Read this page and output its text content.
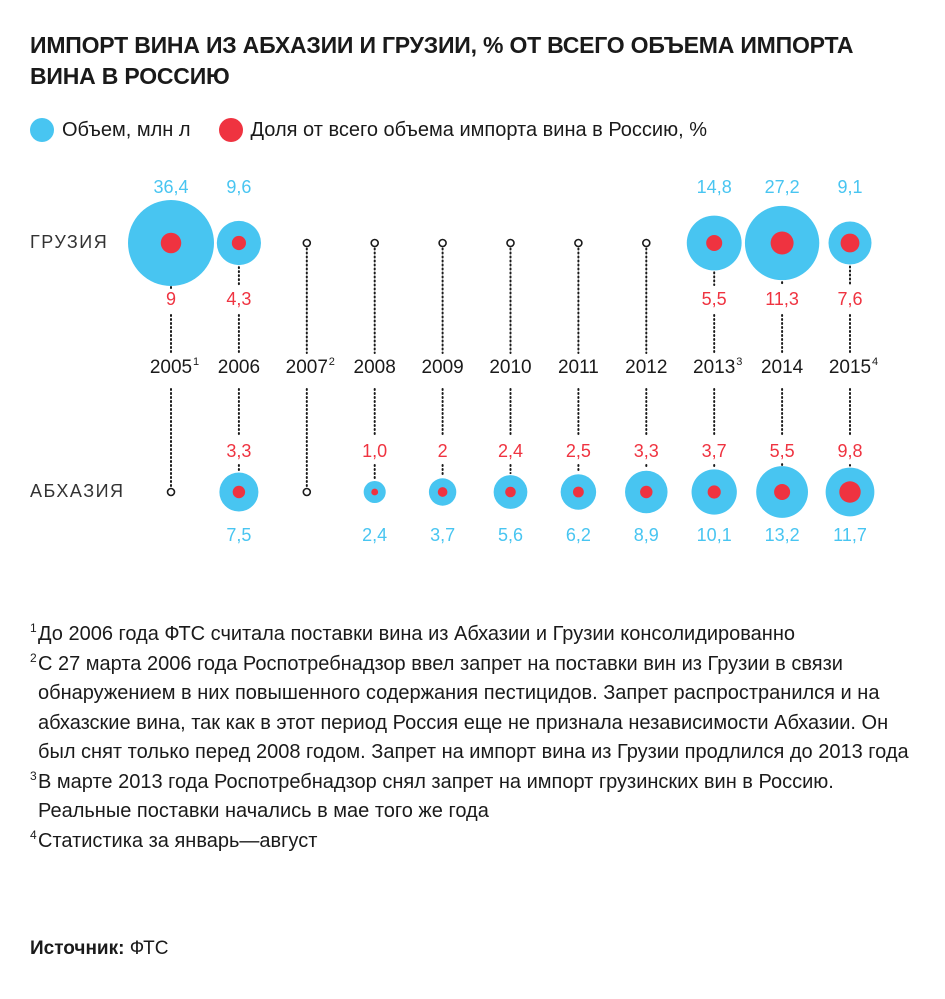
ИМПОРТ ВИНА ИЗ АБХАЗИИ И ГРУЗИИ, % ОТ ВСЕГО ОБЪЕМА ИМПОРТА ВИНА В РОССИЮ
Объем, млн л	Доля от всего объема импорта вина в Россию, %
ГРУЗИЯ
АБХАЗИЯ
2005 1 2006 2007 2 2008 2009 2010 2011 2012 2013 3 2014 2015 4
36,4
9
9,6
4,3
14,8
5,5
27,2
11,3
9,1
7,6
7,5
3,3
2,4
1,0
3,7
2
5,6
2,4
6,2
2,5
8,9
3,3
10,1
3,7
13,2
5,5
11,7
9,8
1 До 2006 года ФТС считала поставки вина из Абхазии и Грузии консолидированно
2 С 27 марта 2006 года Роспотребнадзор ввел запрет на поставки вин из Грузии в связи обнаружением в них повышенного содержания пестицидов. Запрет распространился и на абхазские вина, так как в этот период Россия еще не признала независимости Абхазии. Он был снят только перед 2008 годом. Запрет на импорт вина из Грузии продлился до 2013 года
3 В марте 2013 года Роспотребнадзор снял запрет на импорт грузинских вин в Россию. Реальные поставки начались в мае того же года
4 Статистика за январь—август
Источник: ФТС
